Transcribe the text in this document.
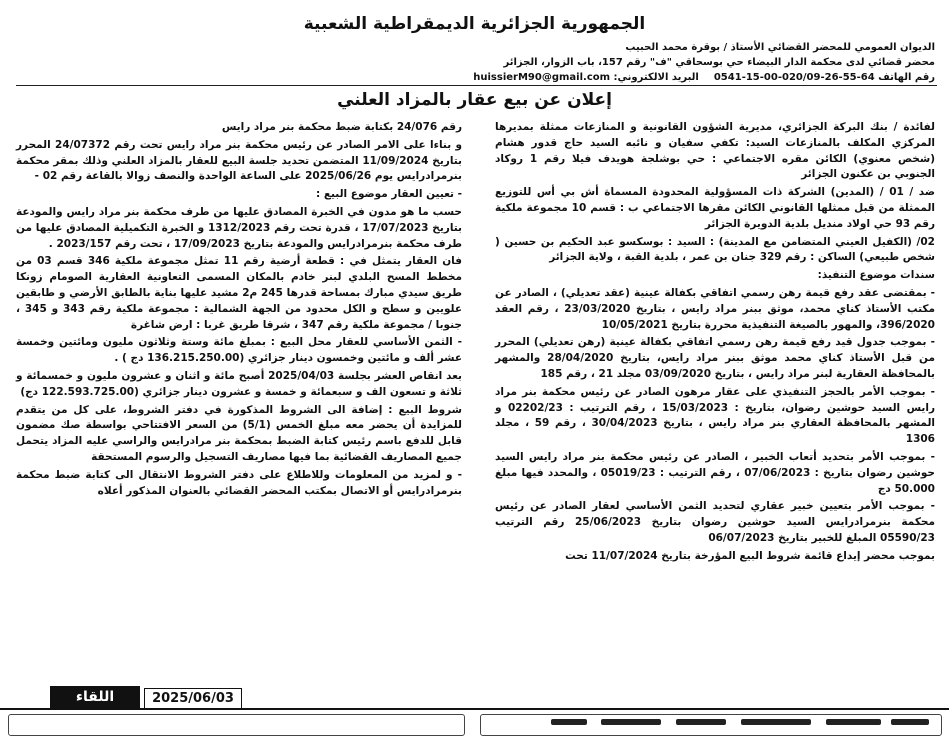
الجمهورية الجزائرية الديمقراطية الشعبية
الديوان العمومي للمحضر القضائي الأستاذ / بوقرة محمد الحبيب
محضر قضائي لدى محكمة الدار البيضاء حي بوسحاقي "ف" رقم 157، باب الزوار، الجزائر
رقم الهاتف 64-55-26-020/09-00-15-0541  البريد الالكتروني: huissierM90@gmail.com
إعلان عن بيع عقار بالمزاد العلني

لفائدة / بنك البركة الجزائري، مديرية الشؤون القانونية و المنازعات ممثلة بمديرها المركزي المكلف بالمنازعات السيد: تكفي سفيان و نائبه السيد حاج قدور هشام (شخص معنوي) الكائن مقره الاجتماعي : حي بوشلجة هويدف فيلا رقم 1 روكاد الجنوبي بن عكنون الجزائر

ضد / 01 / (المدين) الشركة ذات المسؤولية المحدودة المسماة أش بي أس للتوزيع الممثلة من قبل ممثلها القانوني الكائن مقرها الاجتماعي ب : قسم 10 مجموعة ملكية رقم 93 حي اولاد منديل بلدية الدويرة الجزائر

02/ (الكفيل العيني المتضامن مع المدينة) : السيد : بوسكسو عبد الحكيم بن حسين ( شخص طبيعي) الساكن : رقم 329 جنان بن عمر ، بلدية القبة ، ولاية الجزائر

سندات موضوع التنفيذ:

- بمقتضى عقد رفع قيمة رهن رسمي اتفاقي بكفالة عينية (عقد تعديلي) ، الصادر عن مكتب الأستاذ كناي محمد، موثق ببنر مراد رايس ، بتاريخ 23/03/2020 ، رقم العقد 396/2020، والمهور بالصيغة التنفيذية محررة بتاريخ 10/05/2021

- بموجب جدول قيد رفع قيمة رهن رسمي اتفاقي بكفالة عينية (رهن تعديلي) المحرر من قبل الأستاذ كناي محمد موثق ببنر مراد رايس، بتاريخ 28/04/2020 والمشهر بالمحافظة العقارية لبنر مراد رايس ، بتاريخ 03/09/2020 مجلد 21 ، رقم 185

- بموجب الأمر بالحجز التنفيذي على عقار مرهون الصادر عن رئيس محكمة بنر مراد رايس السيد حوشين رضوان، بتاريخ : 15/03/2023 ، رقم الترتيب : 02202/23 و المشهر بالمحافظة العقاري بنر مراد رايس ، بتاريخ 30/04/2023 ، رقم 59 ، مجلد 1306

- بموجب الأمر بتحديد أتعاب الخبير ، الصادر عن رئيس محكمة بنر مراد رايس السيد حوشين رضوان بتاريخ : 07/06/2023 ، رقم الترتيب : 05019/23 ، والمحدد فيها مبلغ 50.000 دج

- بموجب الأمر بتعيين خبير عقاري لتحديد الثمن الأساسي لعقار الصادر عن رئيس محكمة بنرمرادرايس السيد حوشين رضوان بتاريخ 25/06/2023 رقم الترتيب 05590/23 المبلغ للخبير بتاريخ 06/07/2023

بموجب محضر إيداع قائمة شروط البيع المؤرخة بتاريخ 11/07/2024 تحت

رقم 24/076 بكتابة ضبط محكمة بنر مراد رايس

و بناءا على الامر الصادر عن رئيس محكمة بنر مراد رايس تحت رقم 24/07372 المحرر بتاريخ 11/09/2024 المتضمن تحديد جلسة البيع للعقار بالمزاد العلني وذلك بمقر محكمة بنرمرادرايس يوم 2025/06/26 على الساعة الواحدة والنصف زوالا بالقاعة رقم 02 -

- تعيين العقار موضوع البيع :

حسب ما هو مدون في الخبرة المصادق عليها من طرف محكمة بنر مراد رايس والمودعة بتاريخ 17/07/2023 ، قدرة تحت رقم 1312/2023 و الخبرة التكميلية المصادق عليها من طرف محكمة بنرمرادرايس والمودعة بتاريخ 17/09/2023 ، تحت رقم 2023/157 .

فان العقار يتمثل في : قطعة أرضية رقم 11 تمثل مجموعة ملكية 346 قسم 03 من مخطط المسح البلدي لبنر خادم بالمكان المسمى التعاونية العقارية الصومام زونكا طريق سيدي مبارك بمساحة قدرها 245 م2 مشيد عليها بناية بالطابق الأرضي و طابقين علويين و سطح و الكل محدود من الجهة الشمالية : مجموعة ملكية رقم 343 و 345 ، جنوبا / مجموعة ملكية رقم 347 ، شرقا طريق غربا : ارض شاغرة

- الثمن الأساسي للعقار محل البيع : بمبلغ مائة وستة وثلاثون مليون ومائتين وخمسة عشر ألف و مائتين وخمسون دينار جزائري (136.215.250.00 دج ) .

بعد انقاص العشر بجلسة 2025/04/03 أصبح مائة و اثنان و عشرون مليون و خمسمائة و ثلاثة و تسعون الف و سبعمائة و خمسة و عشرون دينار جزائري (122.593.725.00 دج)

شروط البيع : إضافة الى الشروط المذكورة في دفتر الشروط، على كل من يتقدم للمزايدة أن يحضر معه مبلغ الخمس (5/1) من السعر الافتتاحي بواسطة صك مضمون قابل للدفع باسم رئيس كتابة الضبط بمحكمة بنر مرادرايس والراسي عليه المزاد يتحمل جميع المصاريف القضائية بما فيها مصاريف التسجيل والرسوم المستحقة

- و لمزيد من المعلومات وللاطلاع على دفتر الشروط الانتقال الى كتابة ضبط محكمة بنرمرادرايس أو الاتصال بمكتب المحضر القضائي بالعنوان المذكور أعلاه

اللقاء	2025/06/03
